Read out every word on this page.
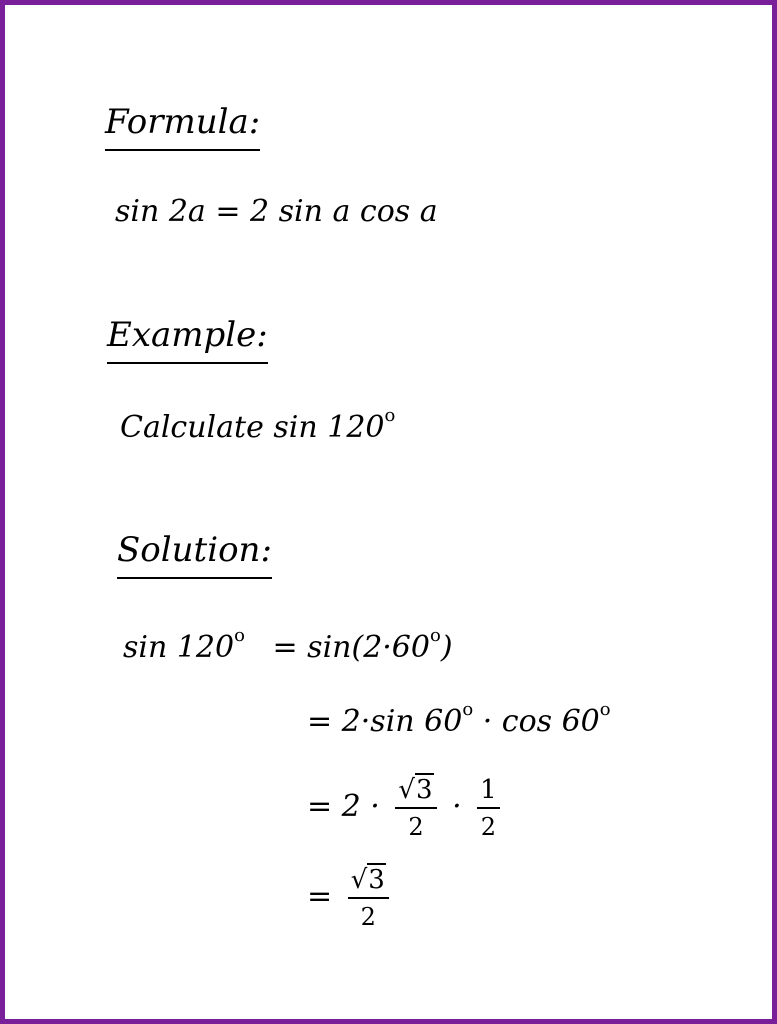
Formula:
sin 2a = 2 sin a cos a
Example:
Calculate sin 120$^o$
Solution:
$\sin 120^o = \sin(2\cdot 60^o)$
= 2·sin $60^o \cdot \cos 60^o$
= $2 \cdot \frac{√3}{2} \cdot \frac{1}{2}$
= $\frac{√3}{2}$
